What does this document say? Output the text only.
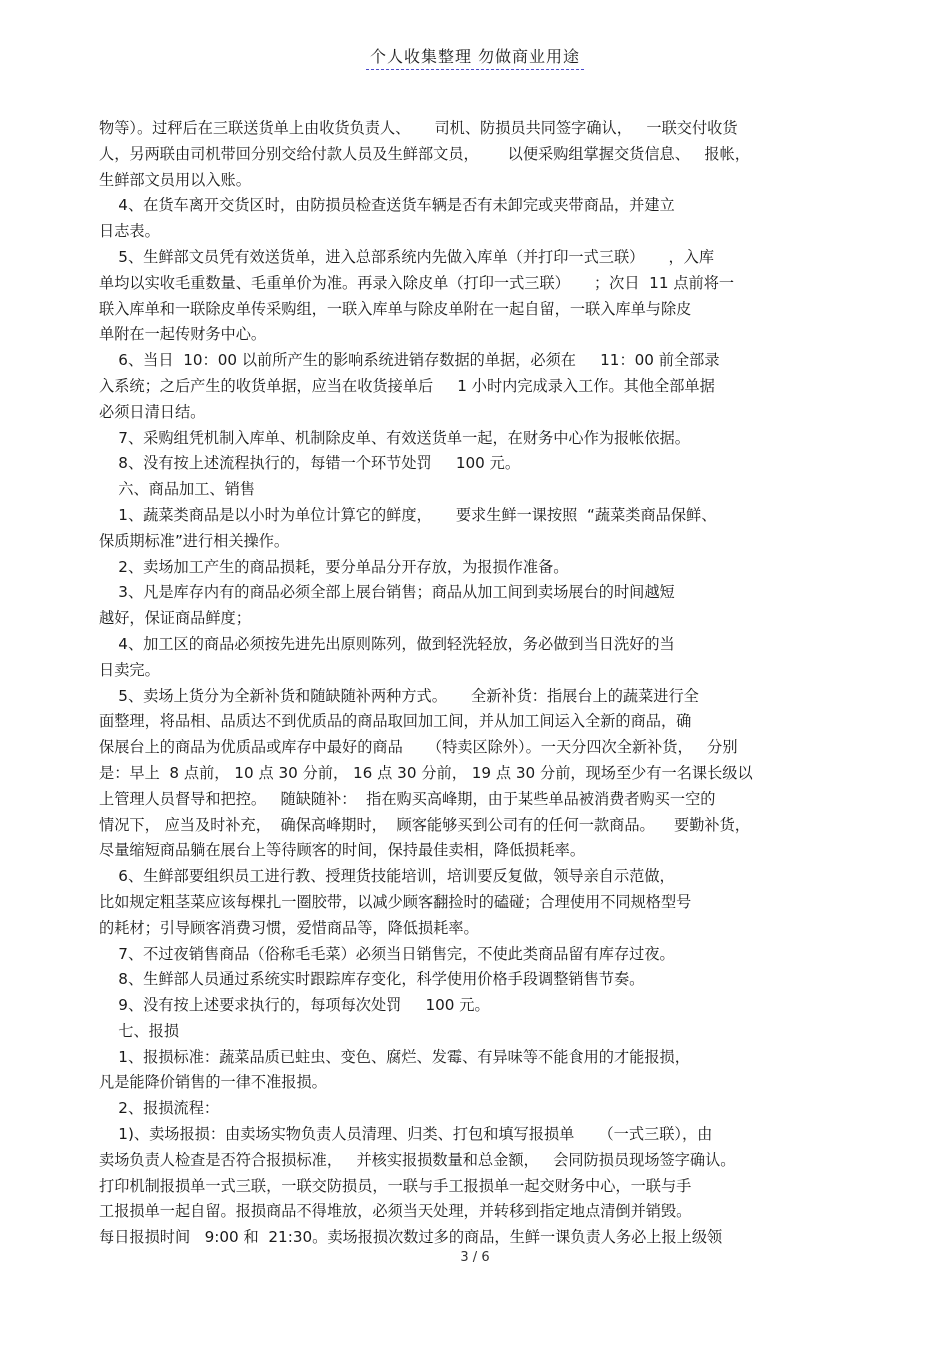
个人收集整理 勿做商业用途
物等）。过秤后在三联送货单上由收货负责人、     司机、防损员共同签字确认，   一联交付收货
人，另两联由司机带回分别交给付款人员及生鲜部文员，      以便采购组掌握交货信息、   报帐，
生鲜部文员用以入账。
4、在货车离开交货区时，由防损员检查送货车辆是否有未卸完或夹带商品，并建立
日志表。
5、生鲜部文员凭有效送货单，进入总部系统内先做入库单（并打印一式三联）     ，入库
单均以实收毛重数量、毛重单价为准。再录入除皮单（打印一式三联）     ；次日  11 点前将一
联入库单和一联除皮单传采购组，一联入库单与除皮单附在一起自留，一联入库单与除皮
单附在一起传财务中心。
6、当日  10：00 以前所产生的影响系统进销存数据的单据，必须在     11：00 前全部录
入系统；之后产生的收货单据，应当在收货接单后     1 小时内完成录入工作。其他全部单据
必须日清日结。
7、采购组凭机制入库单、机制除皮单、有效送货单一起，在财务中心作为报帐依据。
8、没有按上述流程执行的，每错一个环节处罚     100 元。
六、商品加工、销售
1、蔬菜类商品是以小时为单位计算它的鲜度，     要求生鲜一课按照  “蔬菜类商品保鲜、
保质期标准”进行相关操作。
2、卖场加工产生的商品损耗，要分单品分开存放，为报损作准备。
3、凡是库存内有的商品必须全部上展台销售；商品从加工间到卖场展台的时间越短
越好，保证商品鲜度；
4、加工区的商品必须按先进先出原则陈列，做到轻洗轻放，务必做到当日洗好的当
日卖完。
5、卖场上货分为全新补货和随缺随补两种方式。     全新补货：指展台上的蔬菜进行全
面整理，将品相、品质达不到优质品的商品取回加工间，并从加工间运入全新的商品，确
保展台上的商品为优质品或库存中最好的商品     （特卖区除外）。一天分四次全新补货，   分别
是：早上  8 点前， 10 点 30 分前， 16 点 30 分前， 19 点 30 分前，现场至少有一名课长级以
上管理人员督导和把控。   随缺随补：  指在购买高峰期，由于某些单品被消费者购买一空的
情况下， 应当及时补充，  确保高峰期时，  顾客能够买到公司有的任何一款商品。    要勤补货，
尽量缩短商品躺在展台上等待顾客的时间，保持最佳卖相，降低损耗率。
6、生鲜部要组织员工进行教、授理货技能培训，培训要反复做，领导亲自示范做，
比如规定粗茎菜应该每棵扎一圈胶带，以减少顾客翻捡时的磕碰；合理使用不同规格型号
的耗材；引导顾客消费习惯，爱惜商品等，降低损耗率。
7、不过夜销售商品（俗称毛毛菜）必须当日销售完，不使此类商品留有库存过夜。
8、生鲜部人员通过系统实时跟踪库存变化，科学使用价格手段调整销售节奏。
9、没有按上述要求执行的，每项每次处罚     100 元。
七、报损
1、报损标准：蔬菜品质已蛀虫、变色、腐烂、发霉、有异味等不能食用的才能报损，
凡是能降价销售的一律不准报损。
2、报损流程：
1)、卖场报损：由卖场实物负责人员清理、归类、打包和填写报损单     （一式三联），由
卖场负责人检查是否符合报损标准，   并核实报损数量和总金额，   会同防损员现场签字确认。
打印机制报损单一式三联，一联交防损员，一联与手工报损单一起交财务中心，一联与手
工报损单一起自留。报损商品不得堆放，必须当天处理，并转移到指定地点清倒并销毁。
每日报损时间   9:00 和  21:30。卖场报损次数过多的商品，生鲜一课负责人务必上报上级领
3 / 6
